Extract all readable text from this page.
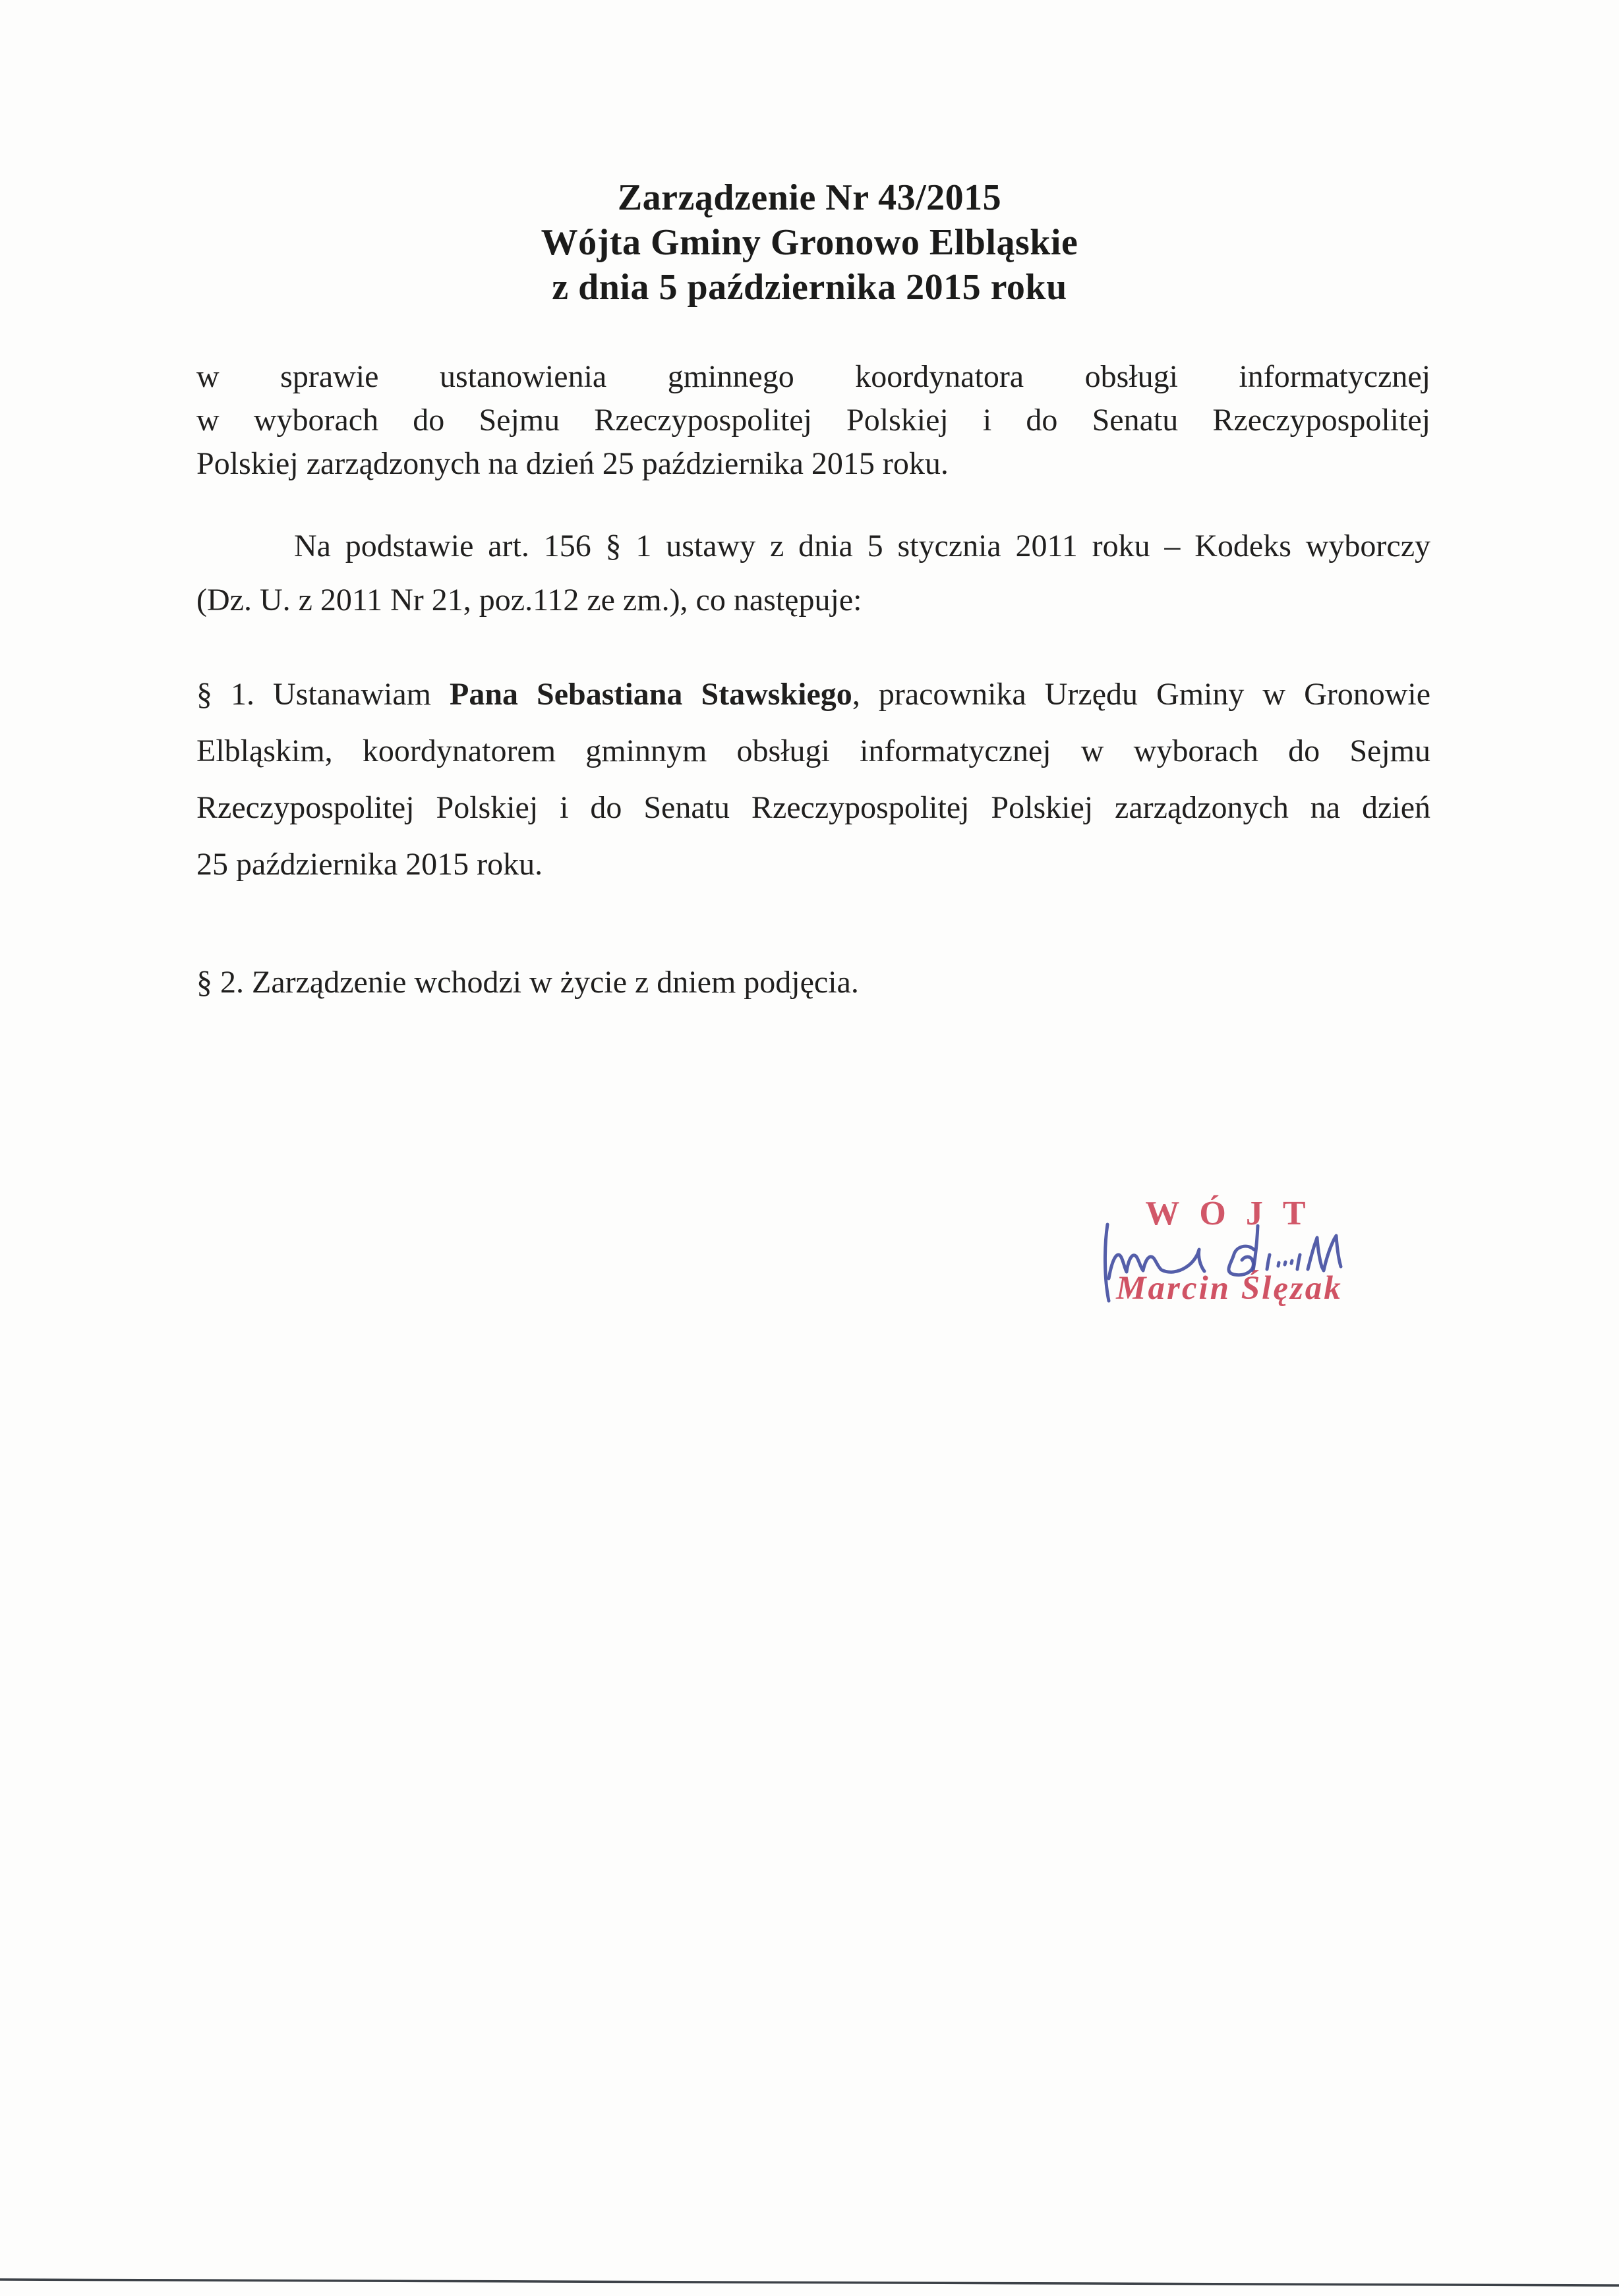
Zarządzenie Nr 43/2015
Wójta Gminy Gronowo Elbląskie
z dnia 5 października 2015 roku
w sprawie ustanowienia gminnego koordynatora obsługi informatycznej
w wyborach do Sejmu Rzeczypospolitej Polskiej i do Senatu Rzeczypospolitej
Polskiej zarządzonych na dzień 25 października 2015 roku.
Na podstawie art. 156 § 1 ustawy z dnia 5 stycznia 2011 roku – Kodeks wyborczy
(Dz. U. z 2011 Nr 21, poz.112 ze zm.), co następuje:
§ 1. Ustanawiam Pana Sebastiana Stawskiego, pracownika Urzędu Gminy w Gronowie
Elbląskim, koordynatorem gminnym obsługi informatycznej w wyborach do Sejmu
Rzeczypospolitej Polskiej i do Senatu Rzeczypospolitej Polskiej zarządzonych na dzień
25 października 2015 roku.
§ 2. Zarządzenie wchodzi w życie z dniem podjęcia.
WÓJT
Marcin Ślęzak
